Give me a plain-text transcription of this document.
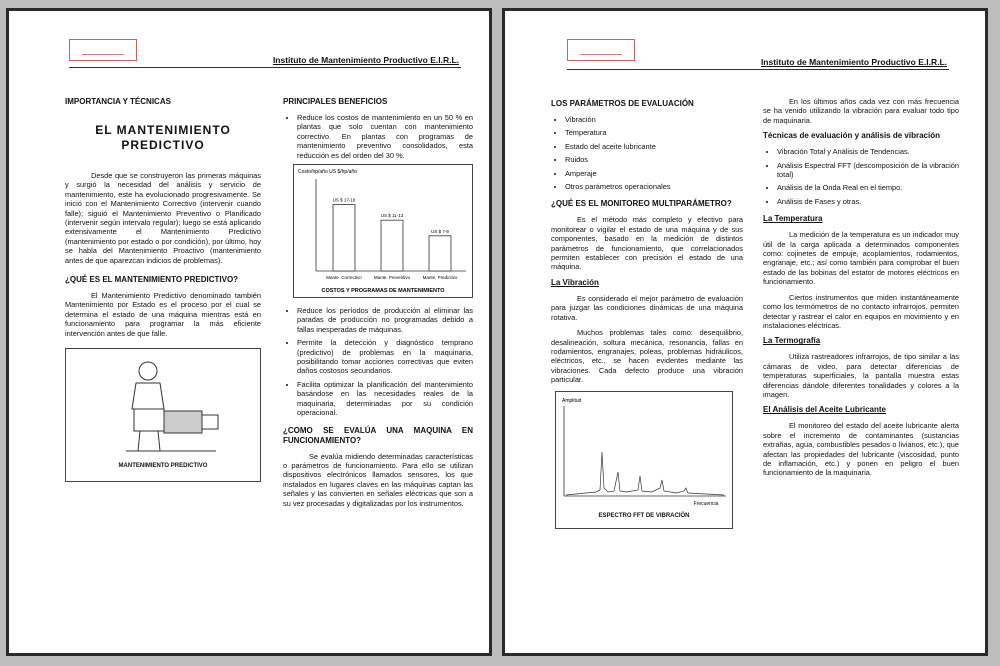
Instituto de Mantenimiento Productivo E.I.R.L.
IMPORTANCIA Y TÉCNICAS
EL MANTENIMIENTO PREDICTIVO

Desde que se construyeron las primeras máquinas y surgió la necesidad del análisis y servicio de mantenimiento, este ha evolucionado progresivamente. Se inició con el Mantenimiento Correctivo (intervenir cuando falle); siguió el Mantenimiento Preventivo o Planificado (intervenir según intervalo regular); luego se está aplicando extensivamente el Mantenimiento Predictivo (mantenimiento por estado o por condición), por último, hoy se habla del Mantenimiento Proactivo (mantenimiento antes de que aparezcan indicios de problemas).

¿QUÉ ES EL MANTENIMIENTO PREDICTIVO?

El Mantenimiento Predictivo denominado también Mantenimiento por Estado es el proceso por el cual se determina el estado de una máquina mientras está en funcionamiento para programar la más eficiente intervención antes de que falle.

MANTENIMIENTO PREDICTIVO
PRINCIPALES BENEFICIOS
• Reduce los costos de mantenimiento en un 50 % en plantas que solo cuentan con mantenimiento correctivo. En plantas con programas de mantenimiento preventivo consolidados, esta reducción es del orden del 30 %.
Costo/hp/año US $/hp/año
US $ 17-18
Mante. Correctivo
US $ 11-13
Mante. Preventivo
US $ 7-9
Mante. Predictivo
COSTOS Y PROGRAMAS DE MANTENIMIENTO
• Reduce los períodos de producción al eliminar las paradas de producción no programadas debido a fallas inesperadas de máquinas.
• Permite la detección y diagnóstico temprano (predictivo) de problemas en la maquinaria, posibilitando tomar acciones correctivas que eviten daños costosos secundarios.
• Facilita optimizar la planificación del mantenimiento basándose en las necesidades reales de la maquinaria, determinadas por su condición operacional.
¿COMO SE EVALÚA UNA MAQUINA EN FUNCIONAMIENTO?

Se evalúa midiendo determinadas características o parámetros de funcionamiento. Para ello se utilizan dispositivos electrónicos llamados sensores, los que instalados en lugares claves en las máquinas captan las señales y las convierten en señales eléctricas que son a su vez procesadas y digitalizadas por los instrumentos.

Instituto de Mantenimiento Productivo E.I.R.L.
LOS PARÁMETROS DE EVALUACIÓN
• Vibración
• Temperatura
• Estado del aceite lubricante
• Ruidos
• Amperaje
• Otros parámetros operacionales
¿QUÉ ES EL MONITOREO MULTIPARÁMETRO?

Es el método más completo y efectivo para monitorear o vigilar el estado de una máquina y de sus componentes, basado en la medición de distintos parámetros de funcionamiento, que correlacionados permiten establecer con precisión el estado de una máquina.

La Vibración

Es considerado el mejor parámetro de evaluación para juzgar las condiciones dinámicas de una máquina rotativa.

Muchos problemas tales como: desequilibrio, desalineación, soltura mecánica, resonancia, fallas en rodamientos, engranajes, poleas, problemas hidráulicos, eléctricos, etc., se hacen evidentes mediante las vibraciones. Cada defecto produce una vibración particular.

Amplitud
Frecuencia
ESPECTRO FFT DE VIBRACIÓN

En los últimos años cada vez con más frecuencia se ha venido utilizando la vibración para evaluar todo tipo de maquinaria.

Técnicas de evaluación y análisis de vibración
• Vibración Total y Análisis de Tendencias.
• Análisis Espectral FFT (descomposición de la vibración total)
• Análisis de la Onda Real en el tiempo.
• Análisis de Fases y otras.
La Temperatura

La medición de la temperatura es un indicador muy útil de la carga aplicada a determinados componentes como: cojinetes de empuje, acoplamientos, rodamientos, engranaje, etc.; así como también para comprobar el buen estado de las bobinas del estator de motores eléctricos en funcionamiento.

Ciertos instrumentos que miden instantáneamente como los termómetros de no contacto infrarrojos, permiten detectar y rastrear el calor en equipos en movimiento y en instalaciones eléctricas.

La Termografía

Utiliza rastreadores infrarrojos, de tipo similar a las cámaras de video, para detectar diferencias de temperaturas superficiales, la pantalla muestra estas diferencias dándole diferentes tonalidades y colores a la imagen.

El Análisis del Aceite Lubricante

El monitoreo del estado del aceite lubricante alerta sobre el incremento de contaminantes (sustancias extrañas, agua, combustibles pesados o livianos, etc.), que afectan las propiedades del lubricante (viscosidad, punto de inflamación, etc.) y ponen en peligro el buen funcionamiento de la maquinaria.
